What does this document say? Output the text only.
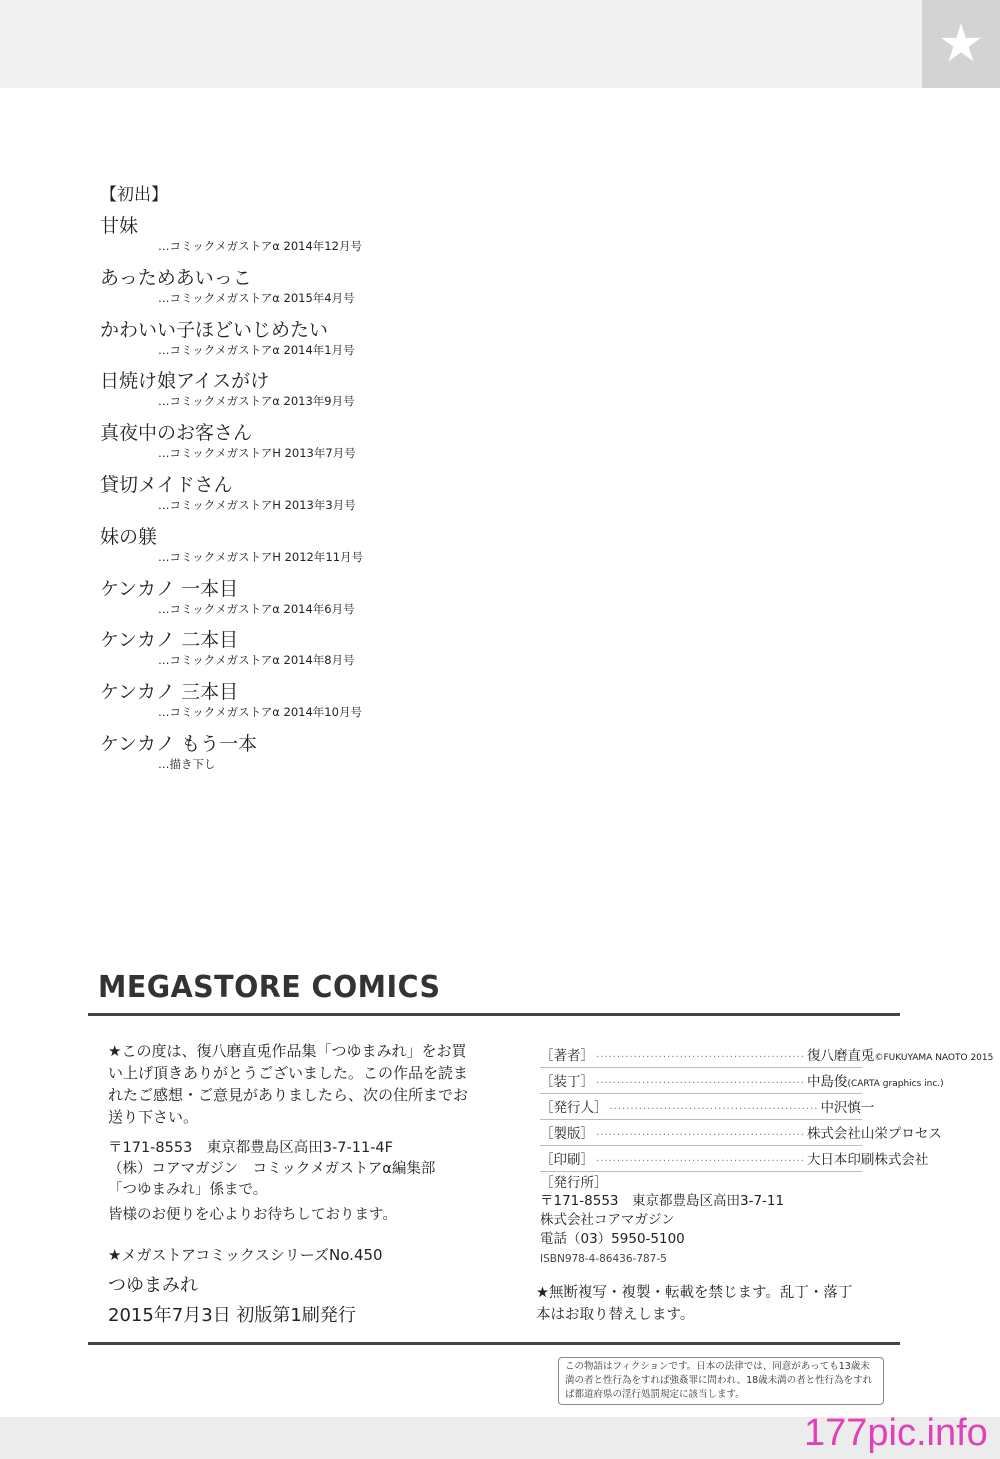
★
【初出】
甘妹
…コミックメガストアα 2014年12月号
あっためあいっこ
…コミックメガストアα 2015年4月号
かわいい子ほどいじめたい
…コミックメガストアα 2014年1月号
日焼け娘アイスがけ
…コミックメガストアα 2013年9月号
真夜中のお客さん
…コミックメガストアH 2013年7月号
貸切メイドさん
…コミックメガストアH 2013年3月号
妹の躾
…コミックメガストアH 2012年11月号
ケンカノ 一本目
…コミックメガストアα 2014年6月号
ケンカノ 二本目
…コミックメガストアα 2014年8月号
ケンカノ 三本目
…コミックメガストアα 2014年10月号
ケンカノ もう一本
…描き下し
MEGASTORE COMICS

★この度は、復八磨直兎作品集「つゆまみれ」をお買い上げ頂きありがとうございました。この作品を読まれたご感想・ご意見がありましたら、次の住所までお送り下さい。

〒171-8553　東京都豊島区高田3-7-11-4F

（株）コアマガジン　コミックメガストアα編集部

「つゆまみれ」係まで。

皆様のお便りを心よりお待ちしております。

★メガストアコミックスシリーズNo.450

つゆまみれ

2015年7月3日 初版第1刷発行

［著者］ ·················································· 復八磨直兎©FUKUYAMA NAOTO 2015
［装丁］ ·················································· 中島俊(CARTA graphics inc.)
［発行人］ ·················································· 中沢慎一
［製版］ ·················································· 株式会社山栄プロセス
［印刷］ ·················································· 大日本印刷株式会社

［発行所］

〒171-8553　東京都豊島区高田3-7-11

株式会社コアマガジン

電話（03）5950-5100

ISBN978-4-86436-787-5

★無断複写・複製・転載を禁じます。乱丁・落丁本はお取り替えします。

この物語はフィクションです。日本の法律では、同意があっても13歳未満の者と性行為をすれば強姦罪に問われ、18歳未満の者と性行為をすれば都道府県の淫行処罰規定に該当します。

177pic.info
